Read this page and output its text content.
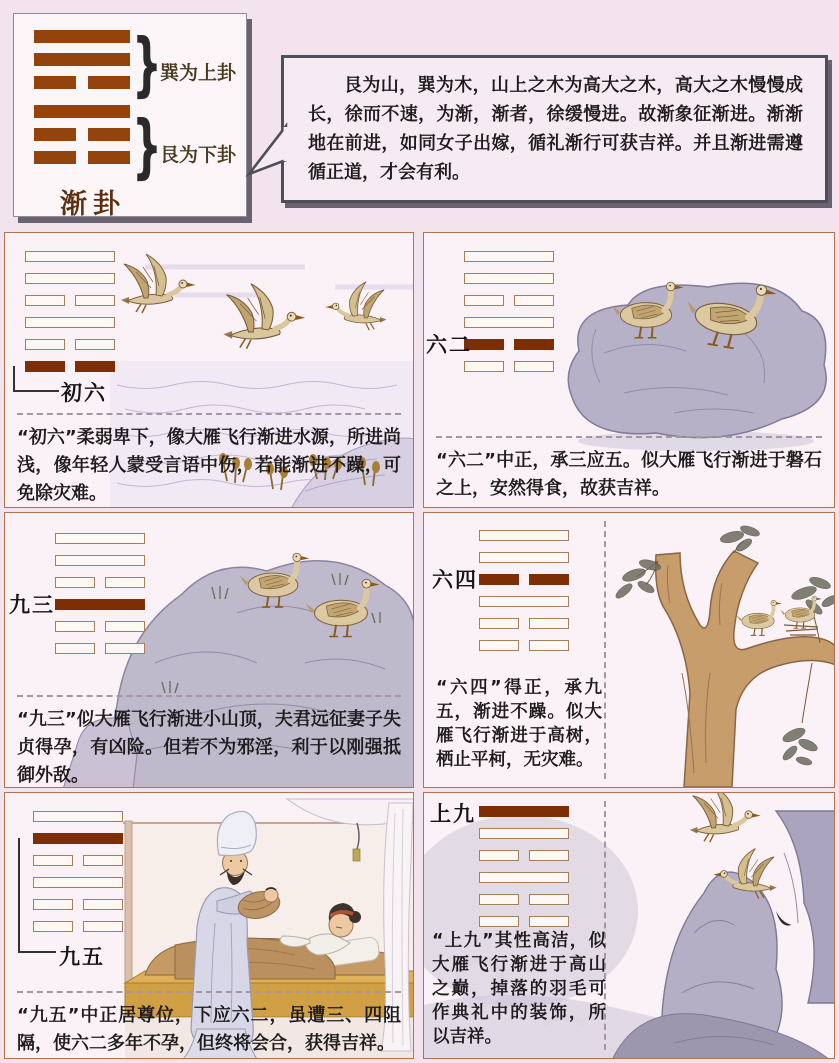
}
巽为上卦
}
艮为下卦
渐卦

艮为山，巽为木，山上之木为高大之木，高大之木慢慢成长，徐而不速，为渐，渐者，徐缓慢进。故渐象征渐进。渐渐地在前进，如同女子出嫁，循礼渐行可获吉祥。并且渐进需遵循正道，才会有利。

初六
“初六”柔弱卑下，像大雁飞行渐进水源，所进尚浅，像年轻人蒙受言语中伤，若能渐进不躁，可免除灾难。
六二
“六二”中正，承三应五。似大雁飞行渐进于磐石之上，安然得食，故获吉祥。
九三
“九三”似大雁飞行渐进小山顶，夫君远征妻子失贞得孕，有凶险。但若不为邪淫，利于以刚强抵御外敌。
六四
“六四”得正，承九五，渐进不躁。似大雁飞行渐进于高树，栖止平柯，无灾难。
九五
“九五”中正居尊位，下应六二，虽遭三、四阻隔，使六二多年不孕，但终将会合，获得吉祥。
上九
“上九”其性高洁，似大雁飞行渐进于高山之巅，掉落的羽毛可作典礼中的装饰，所以吉祥。
